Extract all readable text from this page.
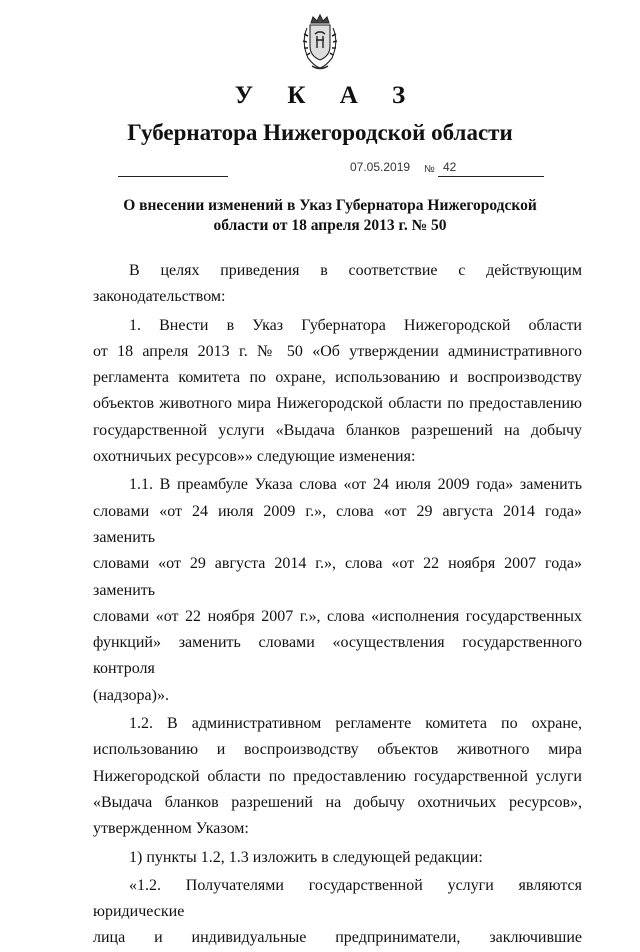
У К А З
Губернатора Нижегородской области
07.05.2019 № 42
О внесении изменений в Указ Губернатора Нижегородской
области от 18 апреля 2013 г. № 50

В целях приведения в соответствие с действующим

законодательством:

1. Внести в Указ Губернатора Нижегородской области

от 18 апреля 2013 г. № 50 «Об утверждении административного

регламента комитета по охране, использованию и воспроизводству

объектов животного мира Нижегородской области по предоставлению

государственной услуги «Выдача бланков разрешений на добычу

охотничьих ресурсов»» следующие изменения:

1.1. В преамбуле Указа слова «от 24 июля 2009 года» заменить

словами «от 24 июля 2009 г.», слова «от 29 августа 2014 года» заменить

словами «от 29 августа 2014 г.», слова «от 22 ноября 2007 года» заменить

словами «от 22 ноября 2007 г.», слова «исполнения государственных

функций» заменить словами «осуществления государственного контроля

(надзора)».

1.2. В административном регламенте комитета по охране,

использованию и воспроизводству объектов животного мира

Нижегородской области по предоставлению государственной услуги

«Выдача бланков разрешений на добычу охотничьих ресурсов»,

утвержденном Указом:

1) пункты 1.2, 1.3 изложить в следующей редакции:

«1.2. Получателями государственной услуги являются юридические

лица и индивидуальные предприниматели, заключившие
